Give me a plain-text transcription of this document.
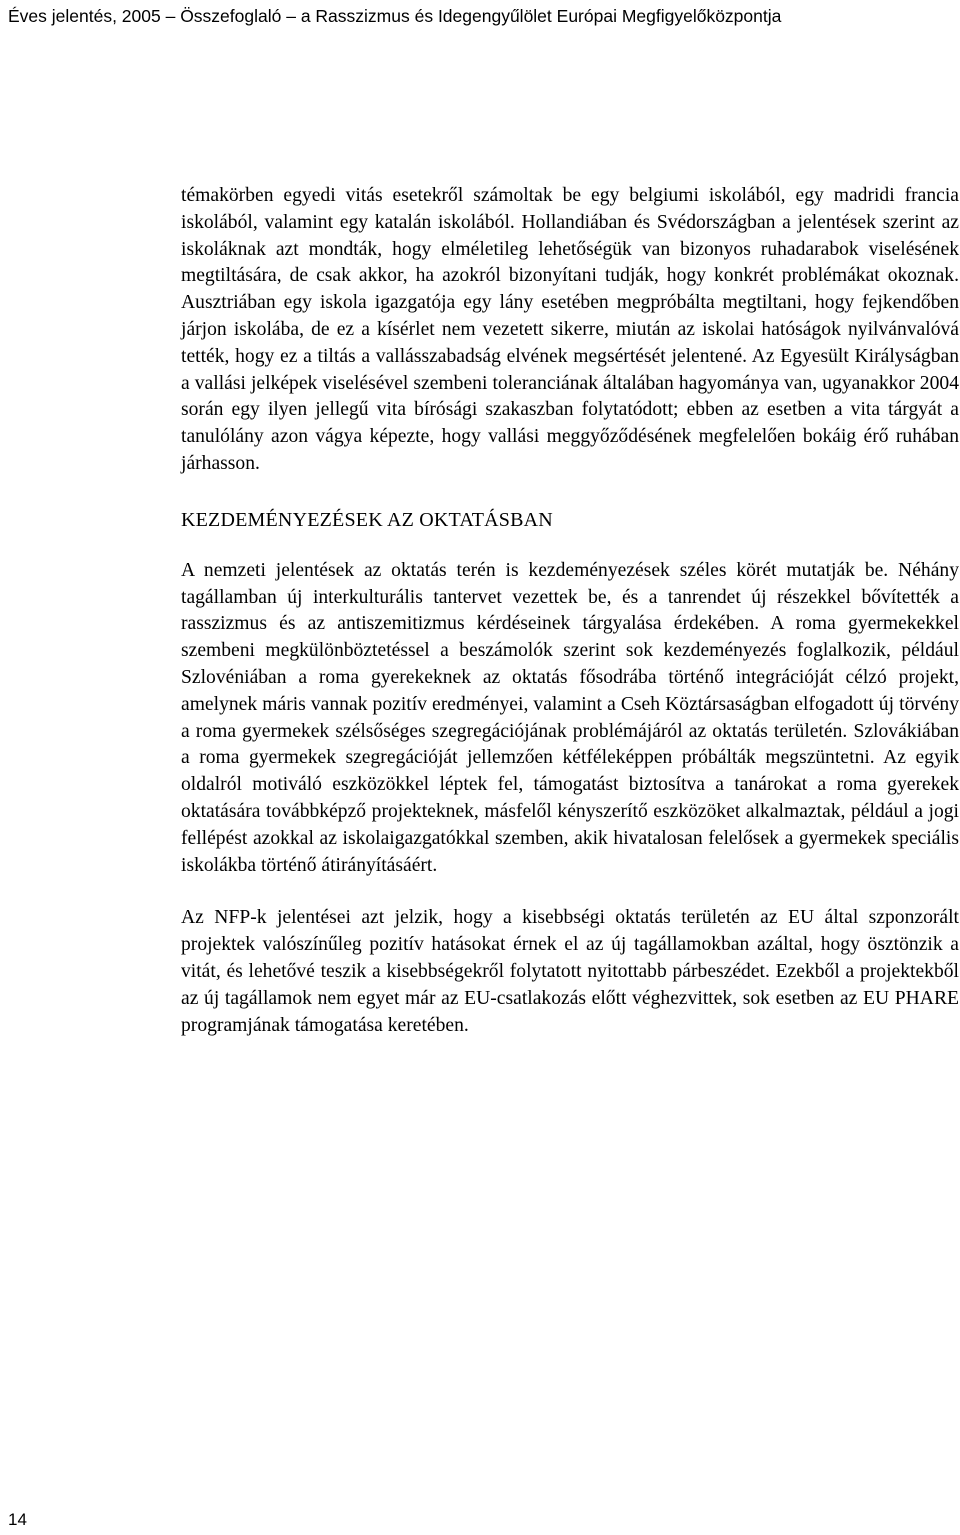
Éves jelentés, 2005 – Összefoglaló – a Rasszizmus és Idegengyűlölet Európai Megfigyelőközpontja

témakörben egyedi vitás esetekről számoltak be egy belgiumi iskolából, egy madridi francia iskolából, valamint egy katalán iskolából. Hollandiában és Svédországban a jelentések szerint az iskoláknak azt mondták, hogy elméletileg lehetőségük van bizonyos ruhadarabok viselésének megtiltására, de csak akkor, ha azokról bizonyítani tudják, hogy konkrét problémákat okoznak. Ausztriában egy iskola igazgatója egy lány esetében megpróbálta megtiltani, hogy fejkendőben járjon iskolába, de ez a kísérlet nem vezetett sikerre, miután az iskolai hatóságok nyilvánvalóvá tették, hogy ez a tiltás a vallásszabadság elvének megsértését jelentené. Az Egyesült Királyságban a vallási jelképek viselésével szembeni toleranciának általában hagyománya van, ugyanakkor 2004 során egy ilyen jellegű vita bírósági szakaszban folytatódott; ebben az esetben a vita tárgyát a tanulólány azon vágya képezte, hogy vallási meggyőződésének megfelelően bokáig érő ruhában járhasson.

KEZDEMÉNYEZÉSEK AZ OKTATÁSBAN

A nemzeti jelentések az oktatás terén is kezdeményezések széles körét mutatják be. Néhány tagállamban új interkulturális tantervet vezettek be, és a tanrendet új részekkel bővítették a rasszizmus és az antiszemitizmus kérdéseinek tárgyalása érdekében. A roma gyermekekkel szembeni megkülönböztetéssel a beszámolók szerint sok kezdeményezés foglalkozik, például Szlovéniában a roma gyerekeknek az oktatás fősodrába történő integrációját célzó projekt, amelynek máris vannak pozitív eredményei, valamint a Cseh Köztársaságban elfogadott új törvény a roma gyermekek szélsőséges szegregációjának problémájáról az oktatás területén. Szlovákiában a roma gyermekek szegregációját jellemzően kétféleképpen próbálták megszüntetni. Az egyik oldalról motiváló eszközökkel léptek fel, támogatást biztosítva a tanárokat a roma gyerekek oktatására továbbképző projekteknek, másfelől kényszerítő eszközöket alkalmaztak, például a jogi fellépést azokkal az iskolaigazgatókkal szemben, akik hivatalosan felelősek a gyermekek speciális iskolákba történő átirányításáért.

Az NFP-k jelentései azt jelzik, hogy a kisebbségi oktatás területén az EU által szponzorált projektek valószínűleg pozitív hatásokat érnek el az új tagállamokban azáltal, hogy ösztönzik a vitát, és lehetővé teszik a kisebbségekről folytatott nyitottabb párbeszédet. Ezekből a projektekből az új tagállamok nem egyet már az EU-csatlakozás előtt véghezvittek, sok esetben az EU PHARE programjának támogatása keretében.

14
